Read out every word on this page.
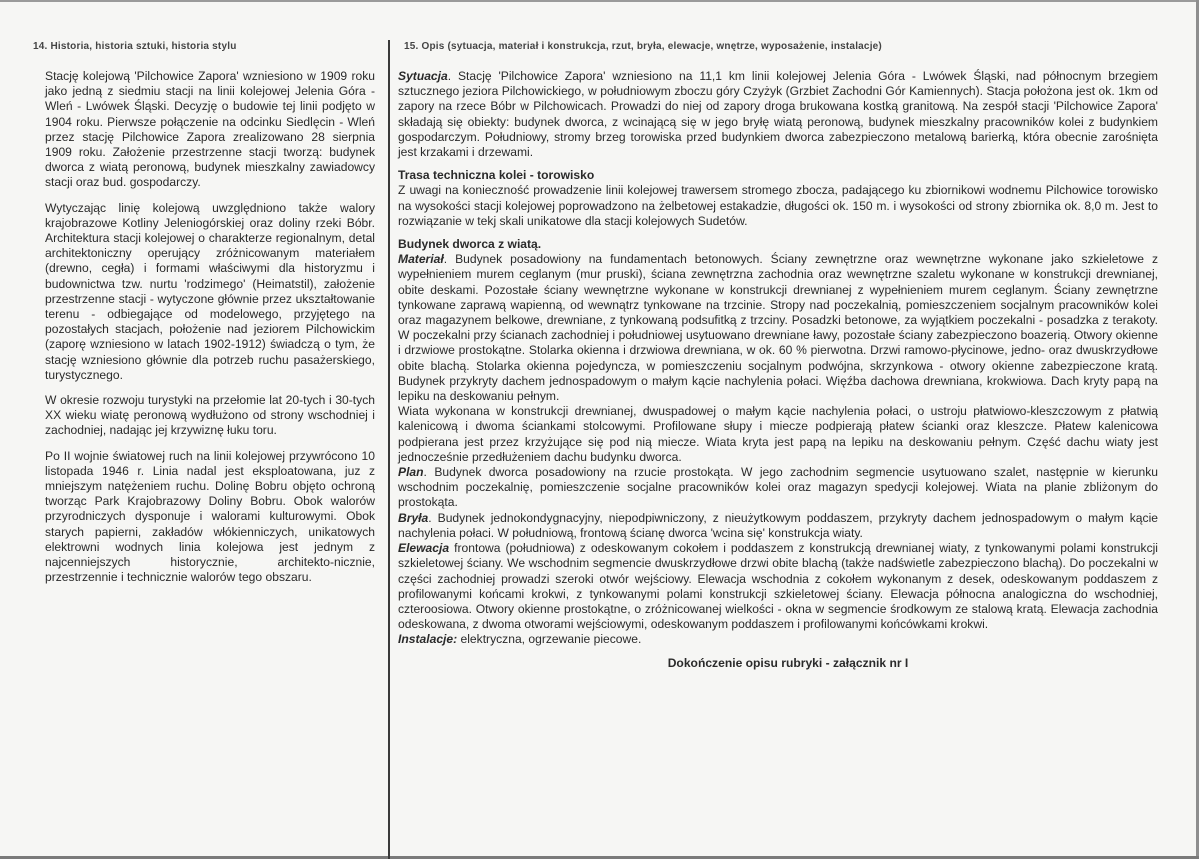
14. Historia, historia sztuki, historia stylu	15. Opis (sytuacja, materiał i konstrukcja, rzut, bryła, elewacje, wnętrze, wyposażenie, instalacje)

Stację kolejową 'Pilchowice Zapora' wzniesiono w 1909 roku jako jedną z siedmiu stacji na linii kolejowej Jelenia Góra - Wleń - Lwówek Śląski. Decyzję o budowie tej linii podjęto w 1904 roku. Pierwsze połączenie na odcinku Siedlęcin - Wleń przez stację Pilchowice Zapora zrealizowano 28 sierpnia 1909 roku. Założenie przestrzenne stacji tworzą: budynek dworca z wiatą peronową, budynek mieszkalny zawiadowcy stacji oraz bud. gospodarczy.

Wytyczając linię kolejową uwzględniono także walory krajobrazowe Kotliny Jeleniogórskiej oraz doliny rzeki Bóbr. Architektura stacji kolejowej o charakterze regionalnym, detal architektoniczny operujący zróżnicowanym materiałem (drewno, cegła) i formami właściwymi dla historyzmu i budownictwa tzw. nurtu 'rodzimego' (Heimatstil), założenie przestrzenne stacji - wytyczone głównie przez ukształtowanie terenu - odbiegające od modelowego, przyjętego na pozostałych stacjach, położenie nad jeziorem Pilchowickim (zaporę wzniesiono w latach 1902-1912) świadczą o tym, że stację wzniesiono głównie dla potrzeb ruchu pasażerskiego, turystycznego.

W okresie rozwoju turystyki na przełomie lat 20-tych i 30-tych XX wieku wiatę peronową wydłużono od strony wschodniej i zachodniej, nadając jej krzywiznę łuku toru.

Po II wojnie światowej ruch na linii kolejowej przywrócono 10 listopada 1946 r. Linia nadal jest eksploatowana, juz z mniejszym natężeniem ruchu. Dolinę Bobru objęto ochroną tworząc Park Krajobrazowy Doliny Bobru. Obok walorów przyrodniczych dysponuje i walorami kulturowymi. Obok starych papierni, zakładów włókienniczych, unikatowych elektrowni wodnych linia kolejowa jest jednym z najcenniejszych historycznie, architekto-nicznie, przestrzennie i technicznie walorów tego obszaru.

Sytuacja. Stację 'Pilchowice Zapora' wzniesiono na 11,1 km linii kolejowej Jelenia Góra - Lwówek Śląski, nad północnym brzegiem sztucznego jeziora Pilchowickiego, w południowym zboczu góry Czyżyk (Grzbiet Zachodni Gór Kamiennych). Stacja położona jest ok. 1km od zapory na rzece Bóbr w Pilchowicach. Prowadzi do niej od zapory droga brukowana kostką granitową. Na zespół stacji 'Pilchowice Zapora' składają się obiekty: budynek dworca, z wcinającą się w jego bryłę wiatą peronową, budynek mieszkalny pracowników kolei z budynkiem gospodarczym. Południowy, stromy brzeg torowiska przed budynkiem dworca zabezpieczono metalową barierką, która obecnie zarośnięta jest krzakami i drzewami.

Trasa techniczna kolei - torowisko

Z uwagi na konieczność prowadzenie linii kolejowej trawersem stromego zbocza, padającego ku zbiornikowi wodnemu Pilchowice torowisko na wysokości stacji kolejowej poprowadzono na żelbetowej estakadzie, długości ok. 150 m. i wysokości od strony zbiornika ok. 8,0 m. Jest to rozwiązanie w tekj skali unikatowe dla stacji kolejowych Sudetów.

Budynek dworca z wiatą.

Materiał. Budynek posadowiony na fundamentach betonowych. Ściany zewnętrzne oraz wewnętrzne wykonane jako szkieletowe z wypełnieniem murem ceglanym (mur pruski), ściana zewnętrzna zachodnia oraz wewnętrzne szaletu wykonane w konstrukcji drewnianej, obite deskami. Pozostałe ściany wewnętrzne wykonane w konstrukcji drewnianej z wypełnieniem murem ceglanym. Ściany zewnętrzne tynkowane zaprawą wapienną, od wewnątrz tynkowane na trzcinie. Stropy nad poczekalnią, pomieszczeniem socjalnym pracowników kolei oraz magazynem belkowe, drewniane, z tynkowaną podsufitką z trzciny. Posadzki betonowe, za wyjątkiem poczekalni - posadzka z terakoty. W poczekalni przy ścianach zachodniej i południowej usytuowano drewniane ławy, pozostałe ściany zabezpieczono boazerią. Otwory okienne i drzwiowe prostokątne. Stolarka okienna i drzwiowa drewniana, w ok. 60 % pierwotna. Drzwi ramowo-płycinowe, jedno- oraz dwuskrzydłowe obite blachą. Stolarka okienna pojedyncza, w pomieszczeniu socjalnym podwójna, skrzynkowa - otwory okienne zabezpieczone kratą. Budynek przykryty dachem jednospadowym o małym kącie nachylenia połaci. Więźba dachowa drewniana, krokwiowa. Dach kryty papą na lepiku na deskowaniu pełnym.

Wiata wykonana w konstrukcji drewnianej, dwuspadowej o małym kącie nachylenia połaci, o ustroju płatwiowo-kleszczowym z płatwią kalenicową i dwoma ściankami stolcowymi. Profilowane słupy i miecze podpierają płatew ścianki oraz kleszcze. Płatew kalenicowa podpierana jest przez krzyżujące się pod nią miecze. Wiata kryta jest papą na lepiku na deskowaniu pełnym. Część dachu wiaty jest jednocześnie przedłużeniem dachu budynku dworca.

Plan. Budynek dworca posadowiony na rzucie prostokąta. W jego zachodnim segmencie usytuowano szalet, następnie w kierunku wschodnim poczekalnię, pomieszczenie socjalne pracowników kolei oraz magazyn spedycji kolejowej. Wiata na planie zbliżonym do prostokąta.

Bryła. Budynek jednokondygnacyjny, niepodpiwniczony, z nieużytkowym poddaszem, przykryty dachem jednospadowym o małym kącie nachylenia połaci. W południową, frontową ścianę dworca 'wcina się' konstrukcja wiaty.

Elewacja frontowa (południowa) z odeskowanym cokołem i poddaszem z konstrukcją drewnianej wiaty, z tynkowanymi polami konstrukcji szkieletowej ściany. We wschodnim segmencie dwuskrzydłowe drzwi obite blachą (także nadświetle zabezpieczono blachą). Do poczekalni w części zachodniej prowadzi szeroki otwór wejściowy. Elewacja wschodnia z cokołem wykonanym z desek, odeskowanym poddaszem z profilowanymi końcami krokwi, z tynkowanymi polami konstrukcji szkieletowej ściany. Elewacja północna analogiczna do wschodniej, czteroosiowa. Otwory okienne prostokątne, o zróżnicowanej wielkości - okna w segmencie środkowym ze stalową kratą. Elewacja zachodnia odeskowana, z dwoma otworami wejściowymi, odeskowanym poddaszem i profilowanymi końcówkami krokwi.

Instalacje: elektryczna, ogrzewanie piecowe.

Dokończenie opisu rubryki - załącznik nr I
